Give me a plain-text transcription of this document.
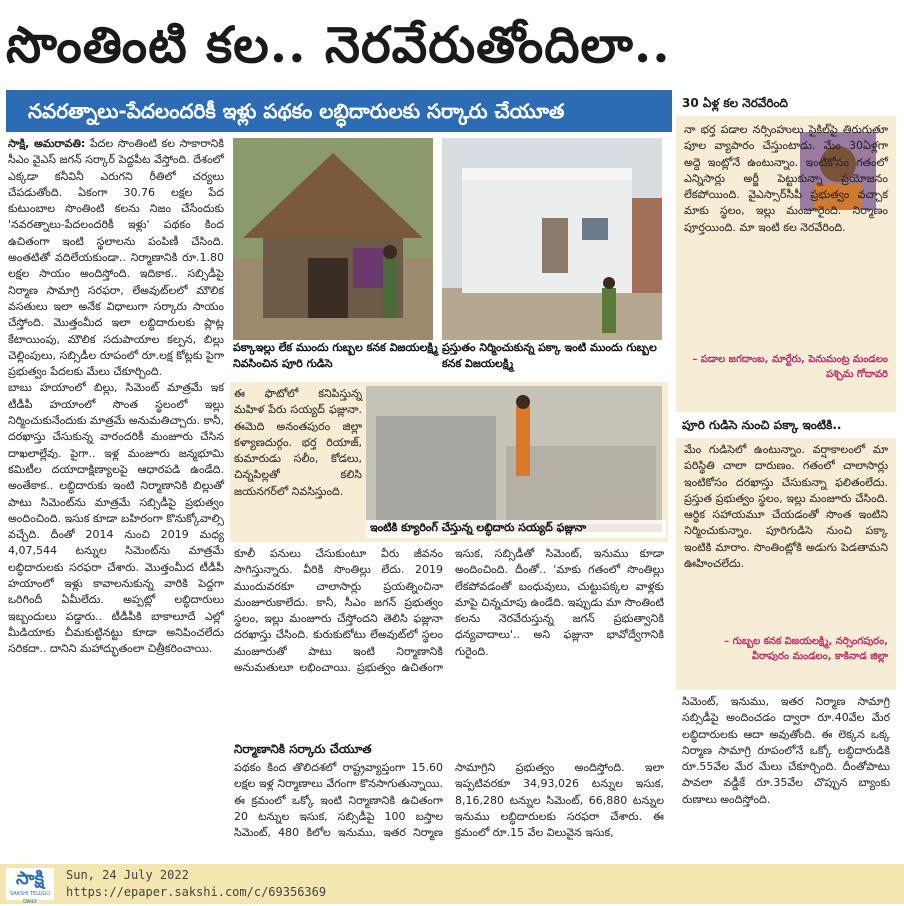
సొంతింటి కల.. నెరవేరుతోందిలా..
నవరత్నాలు-పేదలందరికీ ఇళ్లు పథకం లబ్ధిదారులకు సర్కారు చేయూత

సాక్షి, అమరావతి: పేదల సొంతింటి కల సాకారానికి సీఎం వైఎస్ జగన్ సర్కార్ పెద్దపీట వేస్తోంది. దేశంలో ఎక్కడా కనీవినీ ఎరుగని రీతిలో చర్యలు చేపడుతోంది. ఏకంగా 30.76 లక్షల పేద కుటుంబాల సొంతింటి కలను నిజం చేసేందుకు 'నవరత్నాలు-పేదలందరికీ ఇళ్లు' పథకం కింద ఉచితంగా ఇంటి స్థలాలను పంపిణీ చేసింది. అంతటితో వదిలేయకుండా.. నిర్మాణానికి రూ.1.80 లక్షల సాయం అందిస్తోంది. ఇదికాక.. సబ్సిడీపై నిర్మాణ సామాగ్రి సరఫరా, లేఅవుట్‌లలో మౌలిక వసతులు ఇలా అనేక విధాలుగా సర్కారు సాయం చేస్తోంది. మొత్తంమీద ఇలా లబ్ధిదారులకు ప్లాట్ల కేటాయింపు, మౌలిక సదుపాయాల కల్పన, బిల్లు చెల్లింపులు, సబ్సిడీల రూపంలో రూ.లక్ష కోట్లకు పైగా ప్రభుత్వం పేదలకు మేలు చేకూర్చింది.

బాబు హయాంలో బిల్లు, సిమెంట్ మాత్రమే ఇక టీడీపీ హయాంలో సొంత స్థలంలో ఇల్లు నిర్మించుకునేందుకు మాత్రమే అనుమతిచ్చారు. కానీ, దరఖాస్తు చేసుకున్న వారందరికీ మంజూరు చేసిన దాఖలాల్లేవు. పైగా.. ఇళ్ల మంజూరు జన్మభూమి కమిటీల దయాదాక్షిణ్యాలపై ఆధారపడి ఉండేది. అంతేకాక.. లబ్ధిదారుకు ఇంటి నిర్మాణానికి బిల్లుతో పాటు సిమెంట్‌ను మాత్రమే సబ్సిడీపై ప్రభుత్వం అందించింది. ఇసుక కూడా బహిరంగా కొనుక్కోవాల్సి వచ్చేది. దీంతో 2014 నుంచి 2019 మధ్య 4,07,544 టన్నుల సిమెంట్‌ను మాత్రమే లబ్ధిదారులకు సరఫరా చేశారు. మొత్తంమీద టీడీపీ హయాంలో ఇళ్లు కావాలనుకున్న వారికి పెద్దగా ఒరిగిందీ ఏమీలేదు. అప్పట్లో లబ్ధిదారులు ఇబ్బందులు పడ్డారు.. టీడీపీకి బాకాలూదే ఎల్లో మీడియాకు చీమకుట్టినట్టు కూడా అనిపించలేదు సరికదా.. దానిని మహాద్భుతంలా చిత్రీకరించాయి.

పక్కాఇల్లు లేక ముందు గుబ్బల కనక విజయలక్ష్మి నివసించిన పూరి గుడిసె
ప్రస్తుతం నిర్మించుకున్న పక్కా ఇంటి ముందు గుబ్బల కనక విజయలక్ష్మి
ఈ ఫొటోలో కనిపిస్తున్న మహిళ పేరు సయ్యద్ ఫజ్లునా. ఈమెది అనంతపురం జిల్లా కళ్యాణదుర్గం. భర్త రియాజ్, కుమారుడు సలీం, కోడలు, చిన్నపిల్లతో కలిసి జయనగర్‌లో నివసిస్తుంది.
ఇంటికి క్యూరింగ్ చేస్తున్న లబ్ధిదారు సయ్యద్ ఫజ్లునా
కూలీ పనులు చేసుకుంటూ వీరు జీవనం సాగిస్తున్నారు. వీరికి సొంతిల్లు లేదు. 2019 ముందువరకూ చాలాసార్లు ప్రయత్నించినా మంజూరుకాలేదు. కానీ, సీఎం జగన్ ప్రభుత్వం స్థలం, ఇల్లు మంజూరు చేస్తోందని తెలిసి ఫజ్లునా దరఖాస్తు చేసింది. కురుకుటోటు లేఅవుట్‌లో స్థలం మంజూరుతో పాటు ఇంటి నిర్మాణానికి అనుమతులూ లభించాయి. ప్రభుత్వం ఉచితంగా ఇసుక, సబ్సిడీతో సిమెంట్, ఇనుము కూడా అందించింది. దీంతో.. 'మాకు గతంలో సొంతిల్లు లేకపోవడంతో బంధువులు, చుట్టుపక్కల వాళ్లకు మాపై చిన్నచూపు ఉండేది. ఇప్పుడు మా సొంతింటి కలను నెరవేరుస్తున్న జగన్ ప్రభుత్వానికి ధన్యవాదాలు'.. అని ఫజ్లునా భావోద్వేగానికి గురైంది.
నిర్మాణానికి సర్కారు చేయూత
పథకం కింద తొలిదశలో రాష్ట్రవ్యాప్తంగా 15.60 లక్షల ఇళ్ల నిర్మాణాలు వేగంగా కొనసాగుతున్నాయి. ఈ క్రమంలో ఒక్కో ఇంటి నిర్మాణానికి ఉచితంగా 20 టన్నుల ఇసుక, సబ్సిడీపై 100 బస్తాల సిమెంట్, 480 కిలోల ఇనుము, ఇతర నిర్మాణ సామాగ్రిని ప్రభుత్వం అందిస్తోంది. ఇలా ఇప్పటివరకూ 34,93,026 టన్నుల ఇసుక, 8,16,280 టన్నుల సిమెంట్, 66,880 టన్నుల ఇనుము లబ్ధిదారులకు సరఫరా చేశారు. ఈ క్రమంలో రూ.15 వేల విలువైన ఇసుక,
30 ఏళ్ల కల నెరవేరింది
నా భర్త పడాల నర్సింహులు సైకిల్‌పై తిరుగుతూ పూల వ్యాపారం చేస్తుంటాడు. మేం 30ఏళ్లగా అద్దె ఇంట్లోనే ఉంటున్నాం. ఇంటికోసం గతంలో ఎన్నిసార్లు అర్జీ పెట్టుకున్నా ప్రయోజనం లేకపోయింది. వైఎస్సార్‌సీపీ ప్రభుత్వం వచ్చాక మాకు స్థలం, ఇల్లు మంజూరైంది. నిర్మాణం పూర్తయింది. మా ఇంటి కల నెరవేరింది.
– పడాల జగదాంబ, మార్టేరు, పెనుమంట్ర మండలం పశ్చిమ గోదావరి
పూరి గుడిసె నుంచి పక్కా ఇంటికి..
మేం గుడిసెలో ఉంటున్నాం. వర్షాకాలంలో మా పరిస్థితి చాలా దారుణం. గతంలో చాలాసార్లు ఇంటికోసం దరఖాస్తు చేసుకున్నా ఫలితంలేదు. ప్రస్తుత ప్రభుత్వం స్థలం, ఇల్లు మంజూరు చేసింది. ఆర్థిక సహాయమూ చేయడంతో సొంత ఇంటిని నిర్మించుకున్నాం. పూరిగుడిసె నుంచి పక్కా ఇంటికి మారాం. సొంతింట్లోకి అడుగు పెడతామని ఊహించలేదు.
– గుబ్బల కనక విజయలక్ష్మి, నర్సింగపురం, వీరాపురం మండలం, కాకినాడ జిల్లా
సిమెంట్, ఇనుము, ఇతర నిర్మాణ సామాగ్రి సబ్సిడీపై అందించడం ద్వారా రూ.40వేల మేర లబ్ధిదారులకు ఆదా అవుతోంది. ఈ లెక్కన ఒక్క నిర్మాణ సామాగ్రి రూపంలోనే ఒక్కో లబ్ధిదారుడికి రూ.55వేల మేర మేలు చేకూర్చింది. దీంతోపాటు పావలా వడ్డీకే రూ.35వేల చొప్పున బ్యాంకు రుణాలు అందిస్తోంది.
సాక్షి
SAKSHI TELUGU DAILY
Sun, 24 July 2022
https://epaper.sakshi.com/c/69356369
